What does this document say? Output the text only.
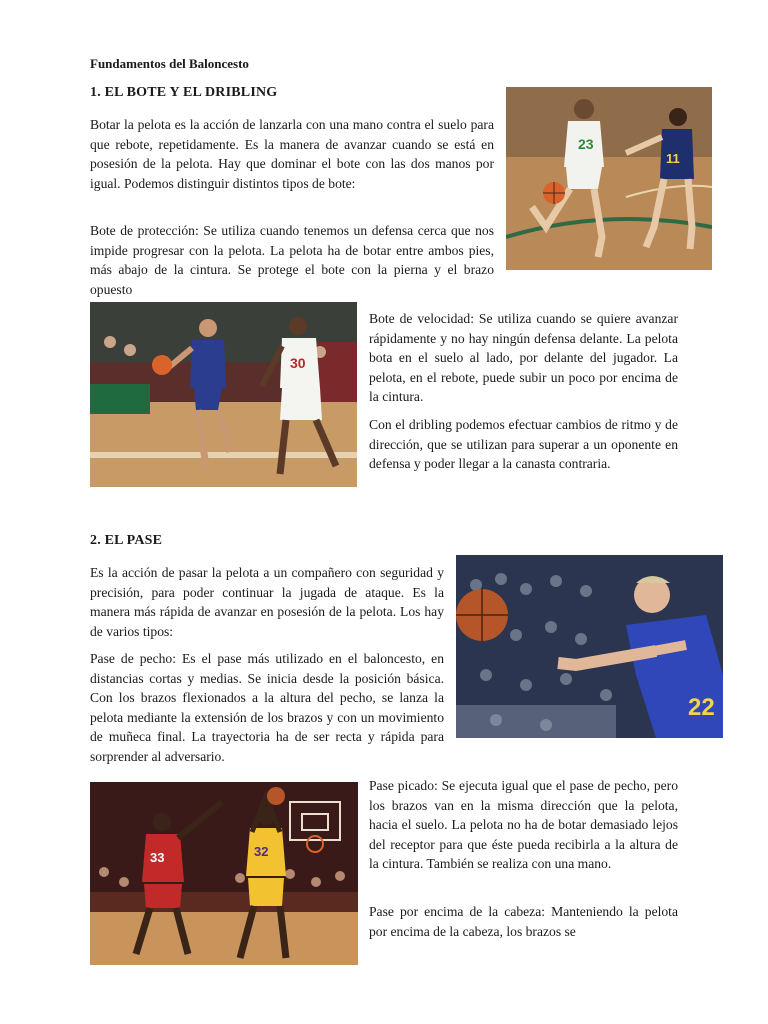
Fundamentos del Baloncesto

1. EL BOTE Y EL DRIBLING

Botar la pelota es la acción de lanzarla con una mano contra el suelo para que rebote, repetidamente. Es la manera de avanzar cuando se está en posesión de la pelota. Hay que dominar el bote con las dos manos por igual. Podemos distinguir distintos tipos de bote:

Bote de protección: Se utiliza cuando tenemos un defensa cerca que nos impide progresar con la pelota. La pelota ha de botar entre ambos pies, más abajo de la cintura. Se protege el bote con la pierna y el brazo opuesto

23
11
30

Bote de velocidad: Se utiliza cuando se quiere avanzar rápidamente y no hay ningún defensa delante. La pelota bota en el suelo al lado, por delante del jugador. La pelota, en el rebote, puede subir un poco por encima de la cintura.

Con el dribling podemos efectuar cambios de ritmo y de dirección, que se utilizan para superar a un oponente en defensa y poder llegar a la canasta contraria.

2. EL PASE

Es la acción de pasar la pelota a un compañero con seguridad y precisión, para poder continuar la jugada de ataque. Es la manera más rápida de avanzar en posesión de la pelota. Los hay de varios tipos:

Pase de pecho: Es el pase más utilizado en el baloncesto, en distancias cortas y medias. Se inicia desde la posición básica. Con los brazos flexionados a la altura del pecho, se lanza la pelota mediante la extensión de los brazos y con un movimiento de muñeca final. La trayectoria ha de ser recta y rápida para sorprender al adversario.

22
33	32

Pase picado: Se ejecuta igual que el pase de pecho, pero los brazos van en la misma dirección que la pelota, hacia el suelo. La pelota no ha de botar demasiado lejos del receptor para que éste pueda recibirla a la altura de la cintura. También se realiza con una mano.

Pase por encima de la cabeza: Manteniendo la pelota por encima de la cabeza, los brazos se
